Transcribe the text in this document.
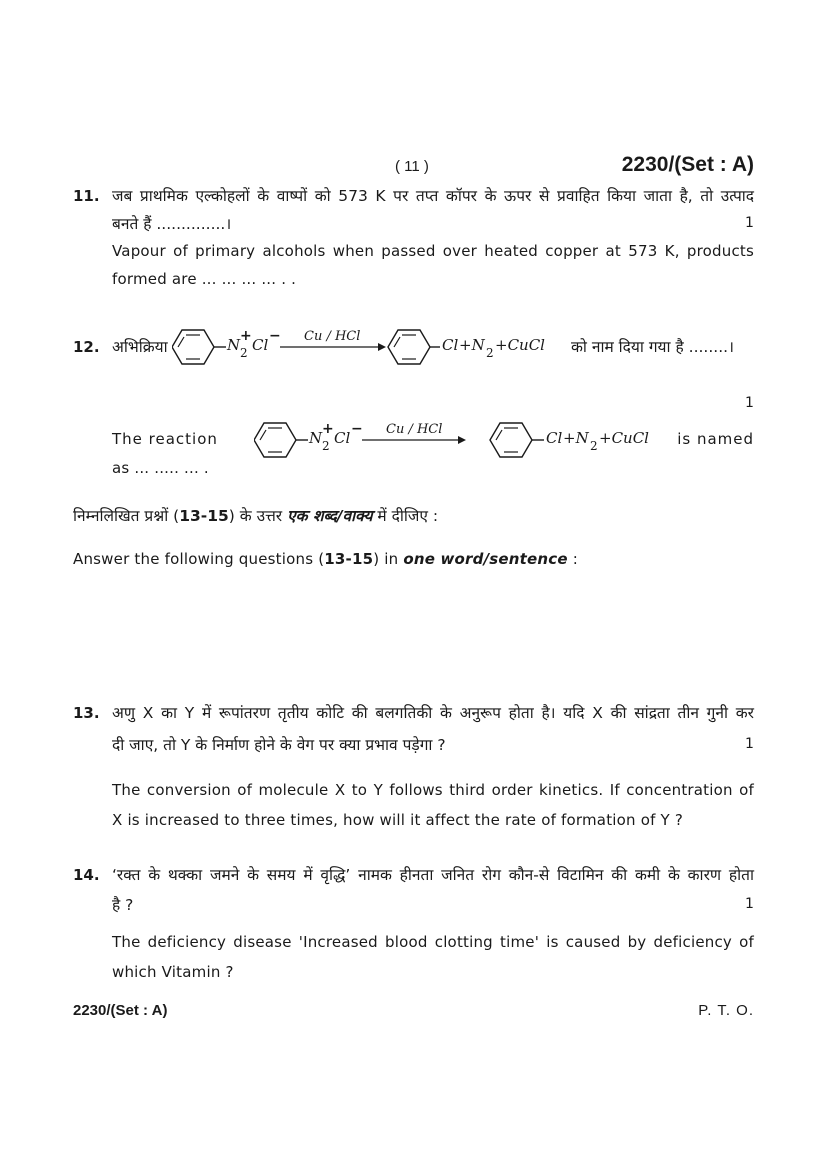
( 11 )	2230/(Set : A)
11. जब प्राथमिक एल्कोहलों के वाष्पों को 573 K पर तप्त कॉपर के ऊपर से प्रवाहित किया जाता है, तो उत्पाद
बनते हैं ..............।	1
Vapour of primary alcohols when passed over heated copper at 573 K, products
formed are ... ... ... ... . .
12. अभिक्रिया	N 2
+ Cl − Cu / HCl	Cl +N 2 +CuCl को नाम दिया गया है ........।
1
The reaction	N 2
+ Cl − Cu / HCl	Cl +N 2 +CuCl is named
as ... ..... ... .
निम्नलिखित प्रश्नों (13-15) के उत्तर एक शब्द/वाक्य में दीजिए :
Answer the following questions (13-15) in one word/sentence :
13. अणु X का Y में रूपांतरण तृतीय कोटि की बलगतिकी के अनुरूप होता है। यदि X की सांद्रता तीन गुनी कर
दी जाए, तो Y के निर्माण होने के वेग पर क्या प्रभाव पड़ेगा ?	1
The conversion of molecule X to Y follows third order kinetics. If concentration of
X is increased to three times, how will it affect the rate of formation of Y ?
14. ‘रक्त के थक्का जमने के समय में वृद्धि’ नामक हीनता जनित रोग कौन-से विटामिन की कमी के कारण होता
है ?	1
The deficiency disease 'Increased blood clotting time' is caused by deficiency of
which Vitamin ?
2230/(Set : A)	P. T. O.
